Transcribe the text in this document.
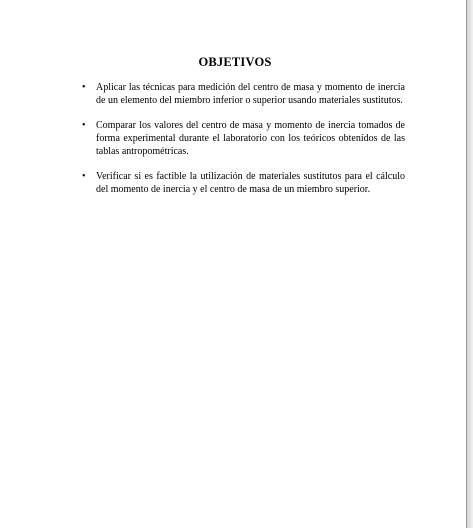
OBJETIVOS
• Aplicar las técnicas para medición del centro de masa y momento de inercia de un elemento del miembro inferior o superior usando materiales sustitutos.
• Comparar los valores del centro de masa y momento de inercia tomados de forma experimental durante el laboratorio con los teóricos obtenidos de las tablas antropométricas.
• Verificar si es factible la utilización de materiales sustitutos para el cálculo del momento de inercia y el centro de masa de un miembro superior.
